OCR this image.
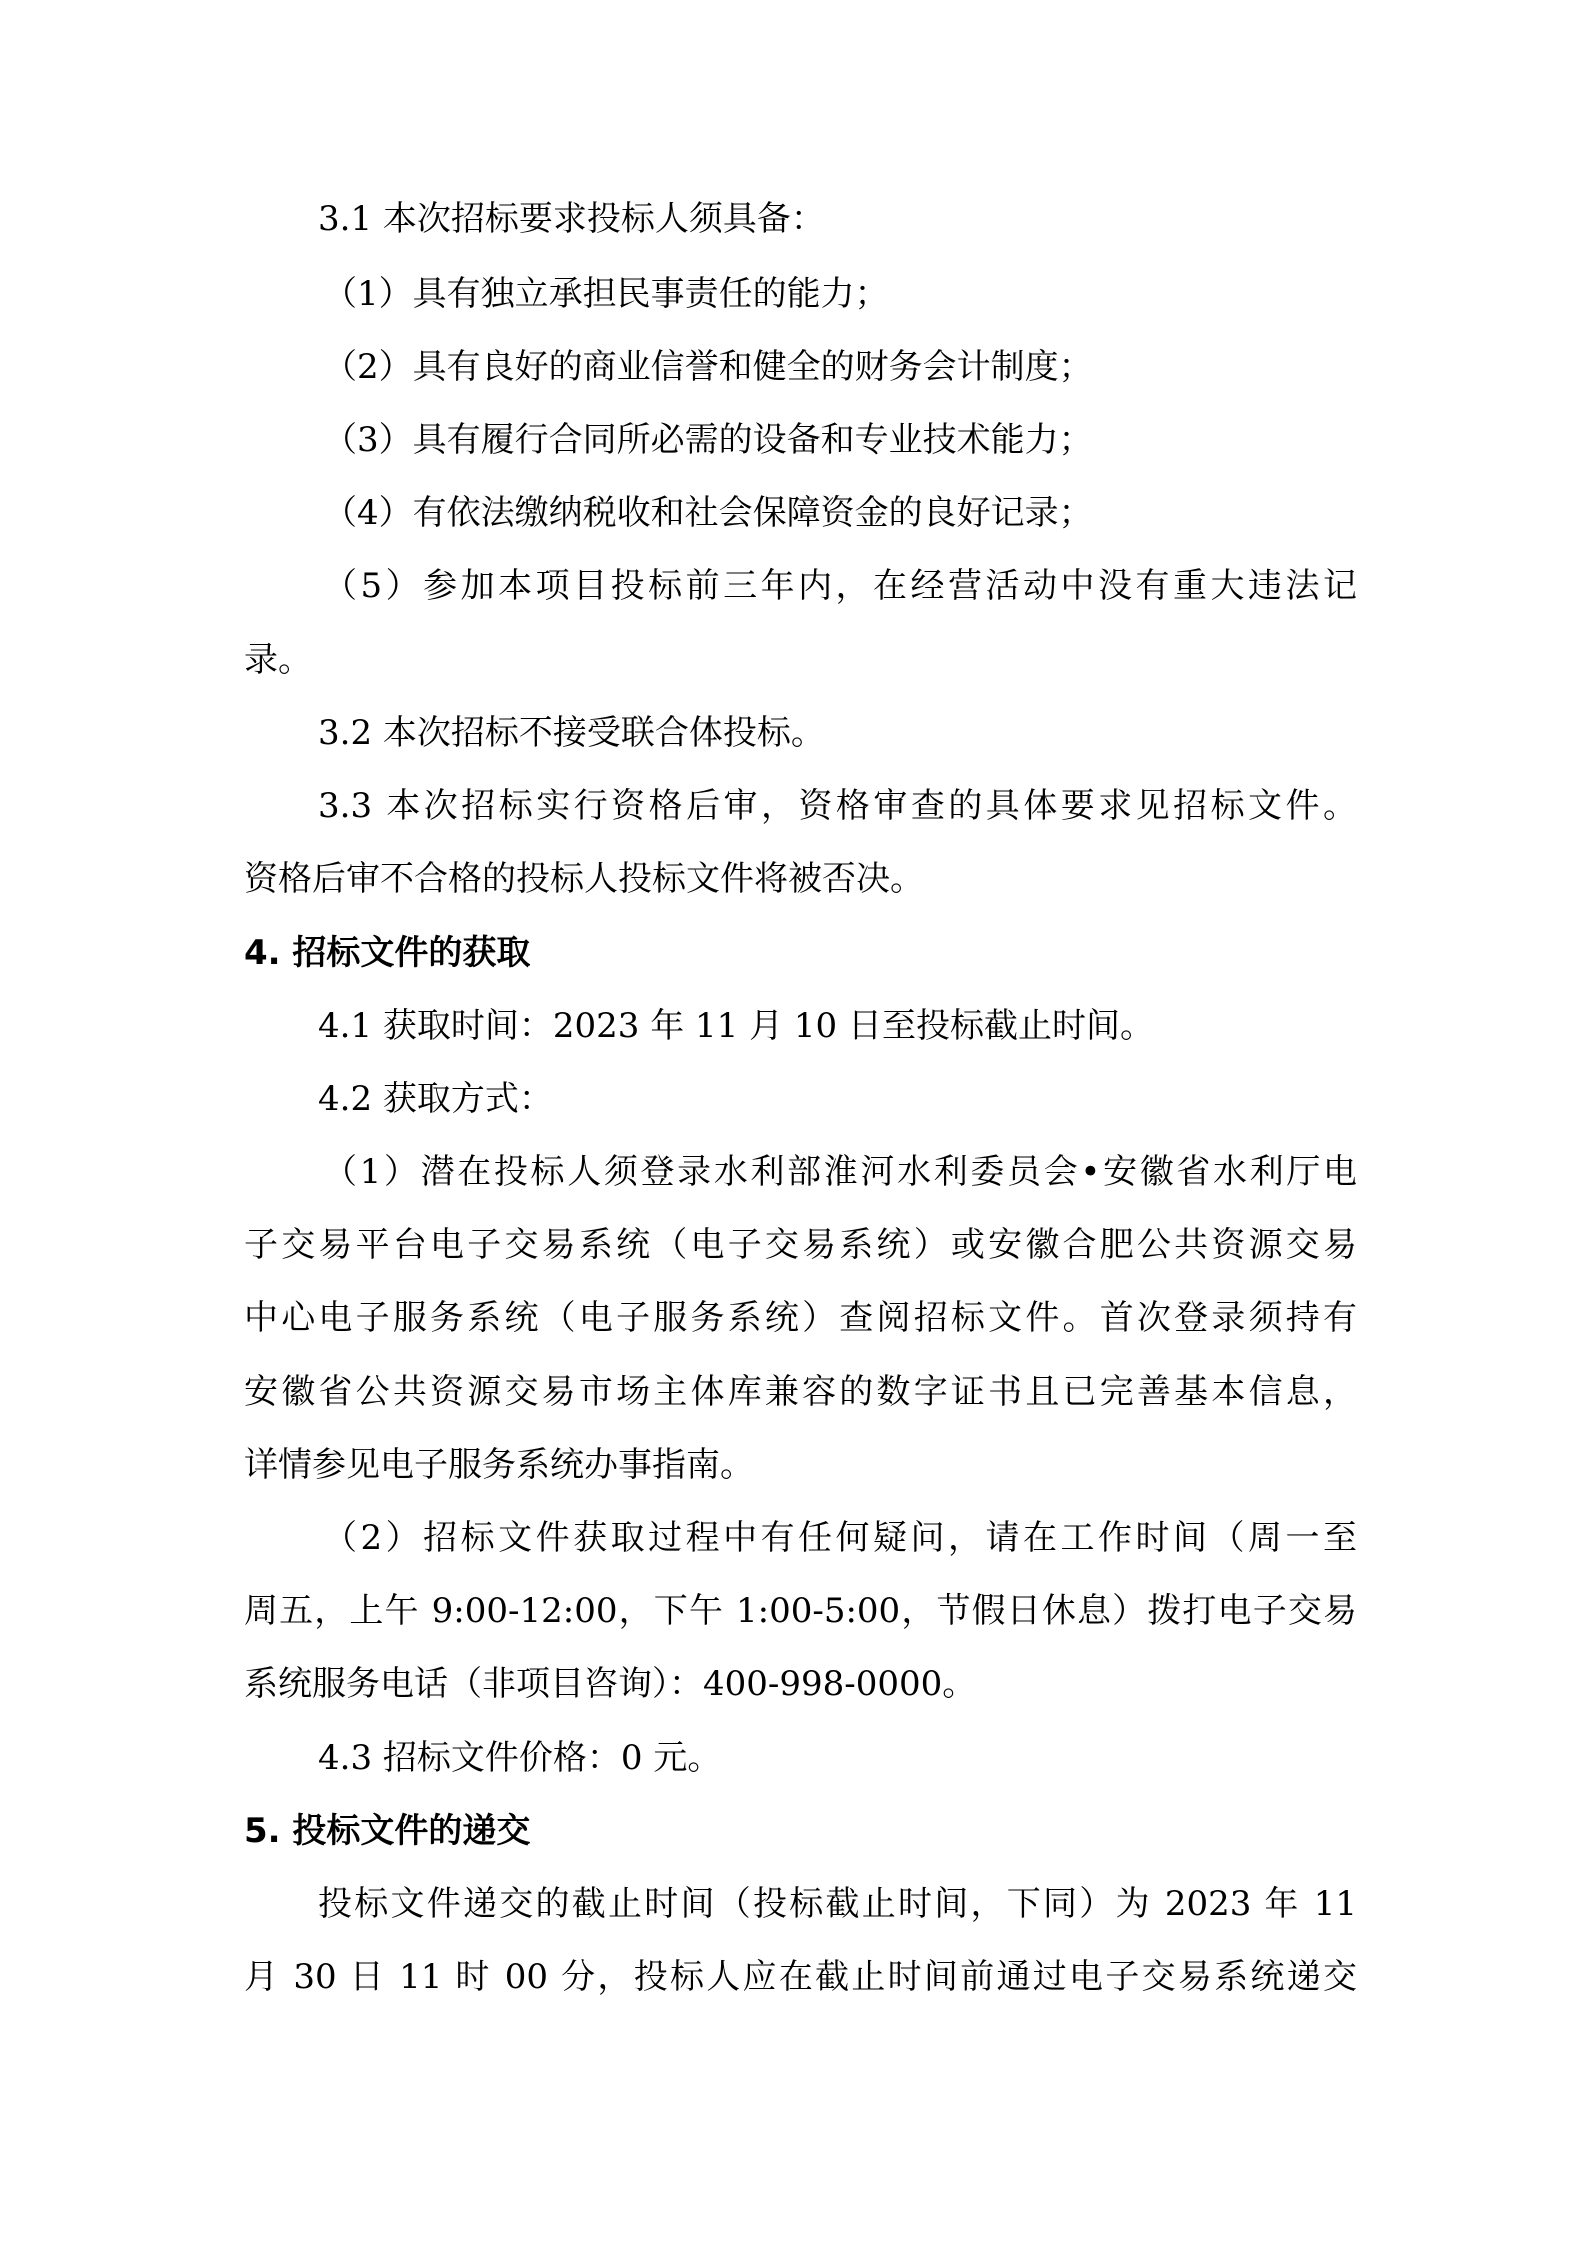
3.1 本次招标要求投标人须具备：
（1）具有独立承担民事责任的能力；
（2）具有良好的商业信誉和健全的财务会计制度；
（3）具有履行合同所必需的设备和专业技术能力；
（4）有依法缴纳税收和社会保障资金的良好记录；
（5）参加本项目投标前三年内，在经营活动中没有重大违法记
录。
3.2 本次招标不接受联合体投标。
3.3 本次招标实行资格后审，资格审查的具体要求见招标文件。
资格后审不合格的投标人投标文件将被否决。
4. 招标文件的获取
4.1 获取时间：2023 年 11 月 10 日至投标截止时间。
4.2 获取方式：
（1）潜在投标人须登录水利部淮河水利委员会•安徽省水利厅电
子交易平台电子交易系统（电子交易系统）或安徽合肥公共资源交易
中心电子服务系统（电子服务系统）查阅招标文件。首次登录须持有
安徽省公共资源交易市场主体库兼容的数字证书且已完善基本信息，
详情参见电子服务系统办事指南。
（2）招标文件获取过程中有任何疑问，请在工作时间（周一至
周五，上午 9:00-12:00，下午 1:00-5:00，节假日休息）拨打电子交易
系统服务电话（非项目咨询）：400-998-0000。
4.3 招标文件价格：0 元。
5. 投标文件的递交
投标文件递交的截止时间（投标截止时间，下同）为 2023 年 11
月 30 日 11 时 00 分，投标人应在截止时间前通过电子交易系统递交
